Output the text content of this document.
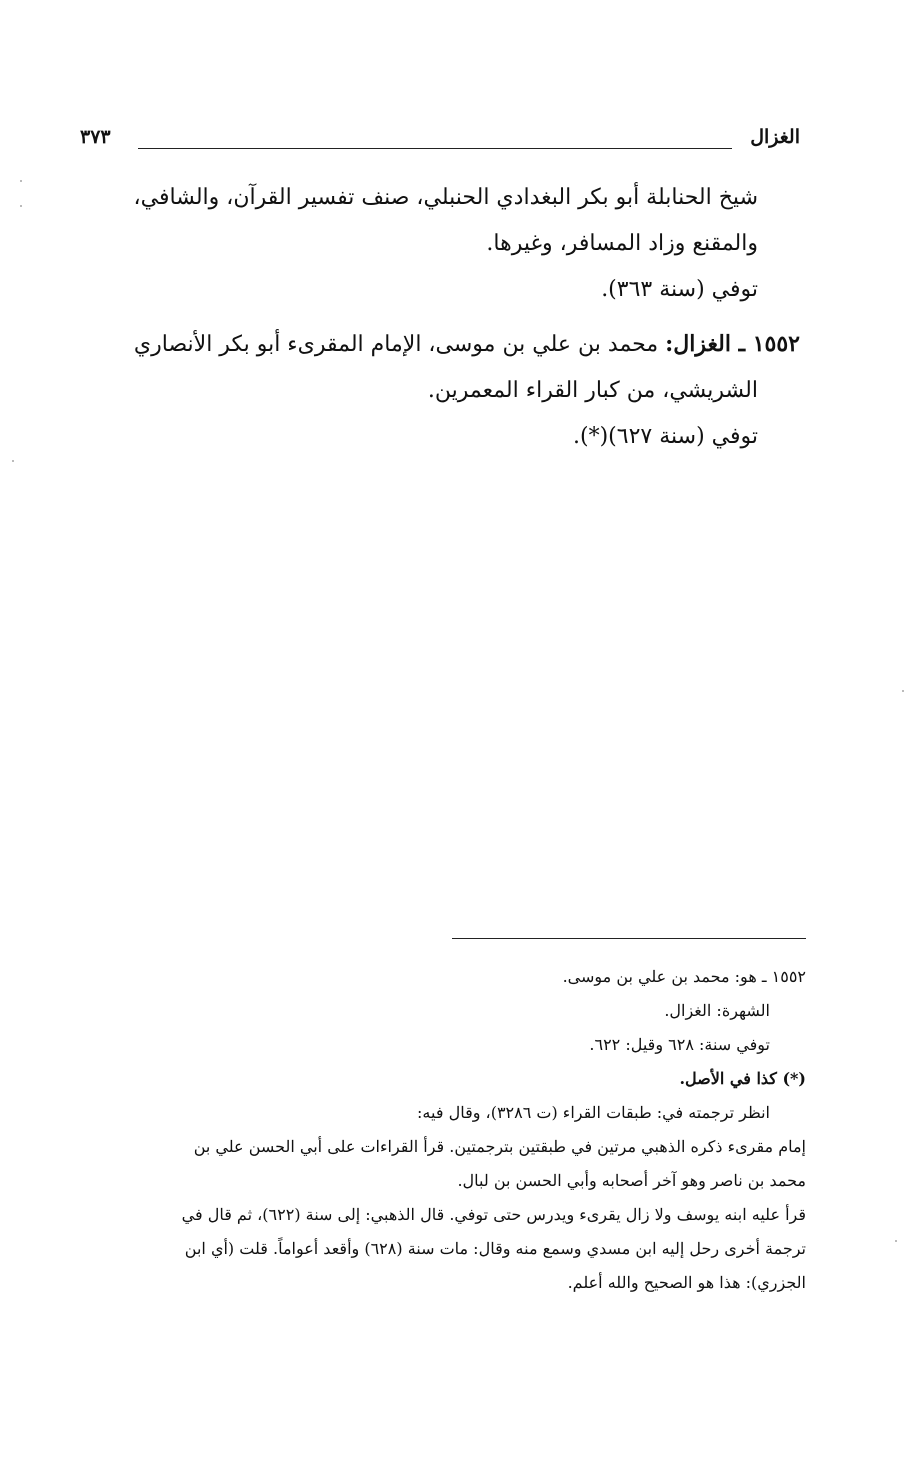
الغزال
٣٧٣

شيخ الحنابلة أبو بكر البغدادي الحنبلي، صنف تفسير القرآن، والشافي،

والمقنع وزاد المسافر، وغيرها.

توفي (سنة ٣٦٣).

١٥٥٢ ـ الغزال: محمد بن علي بن موسى، الإمام المقرىء أبو بكر الأنصاري

الشريشي، من كبار القراء المعمرين.

توفي (سنة ٦٢٧)(*).

١٥٥٢ ـ هو: محمد بن علي بن موسى.

الشهرة: الغزال.

توفي سنة: ٦٢٨ وقيل: ٦٢٢.

(*) كذا في الأصل.

انظر ترجمته في: طبقات القراء (ت ٣٢٨٦)، وقال فيه:

إمام مقرىء ذكره الذهبي مرتين في طبقتين بترجمتين. قرأ القراءات على أبي الحسن علي بن

محمد بن ناصر وهو آخر أصحابه وأبي الحسن بن لبال.

قرأ عليه ابنه يوسف ولا زال يقرىء ويدرس حتى توفي. قال الذهبي: إلى سنة (٦٢٢)، ثم قال في

ترجمة أخرى رحل إليه ابن مسدي وسمع منه وقال: مات سنة (٦٢٨) وأقعد أعواماً. قلت (أي ابن

الجزري): هذا هو الصحيح والله أعلم.
